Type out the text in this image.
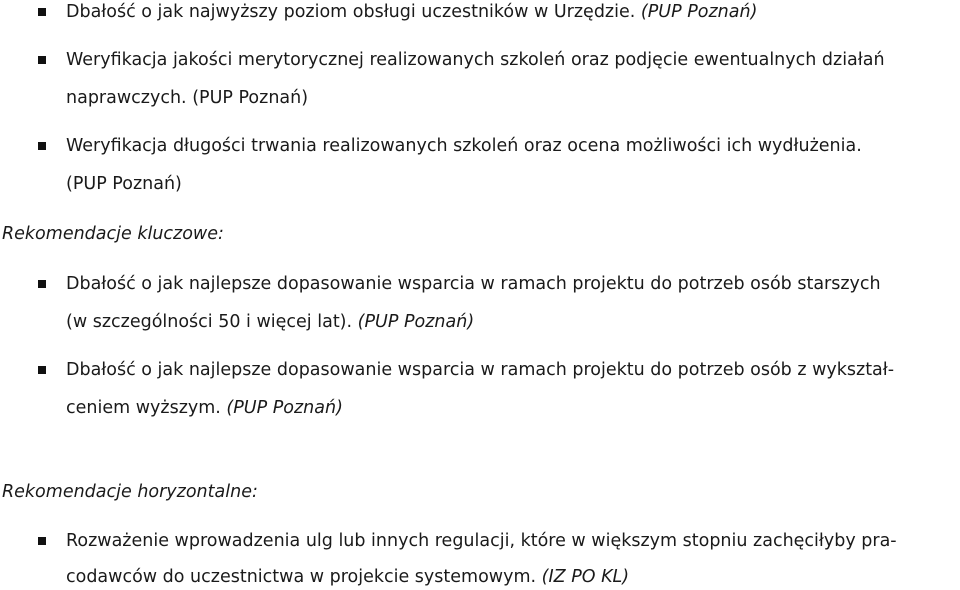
Dbałość o jak najwyższy poziom obsługi uczestników w Urzędzie. (PUP Poznań)
Weryfikacja jakości merytorycznej realizowanych szkoleń oraz podjęcie ewentualnych działań
naprawczych. (PUP Poznań)
Weryfikacja długości trwania realizowanych szkoleń oraz ocena możliwości ich wydłużenia.
(PUP Poznań)
Rekomendacje kluczowe:
Dbałość o jak najlepsze dopasowanie wsparcia w ramach projektu do potrzeb osób starszych
(w szczególności 50 i więcej lat). (PUP Poznań)
Dbałość o jak najlepsze dopasowanie wsparcia w ramach projektu do potrzeb osób z wykształ-
ceniem wyższym. (PUP Poznań)
Rekomendacje horyzontalne:
Rozważenie wprowadzenia ulg lub innych regulacji, które w większym stopniu zachęciłyby pra-
codawców do uczestnictwa w projekcie systemowym. (IZ PO KL)
